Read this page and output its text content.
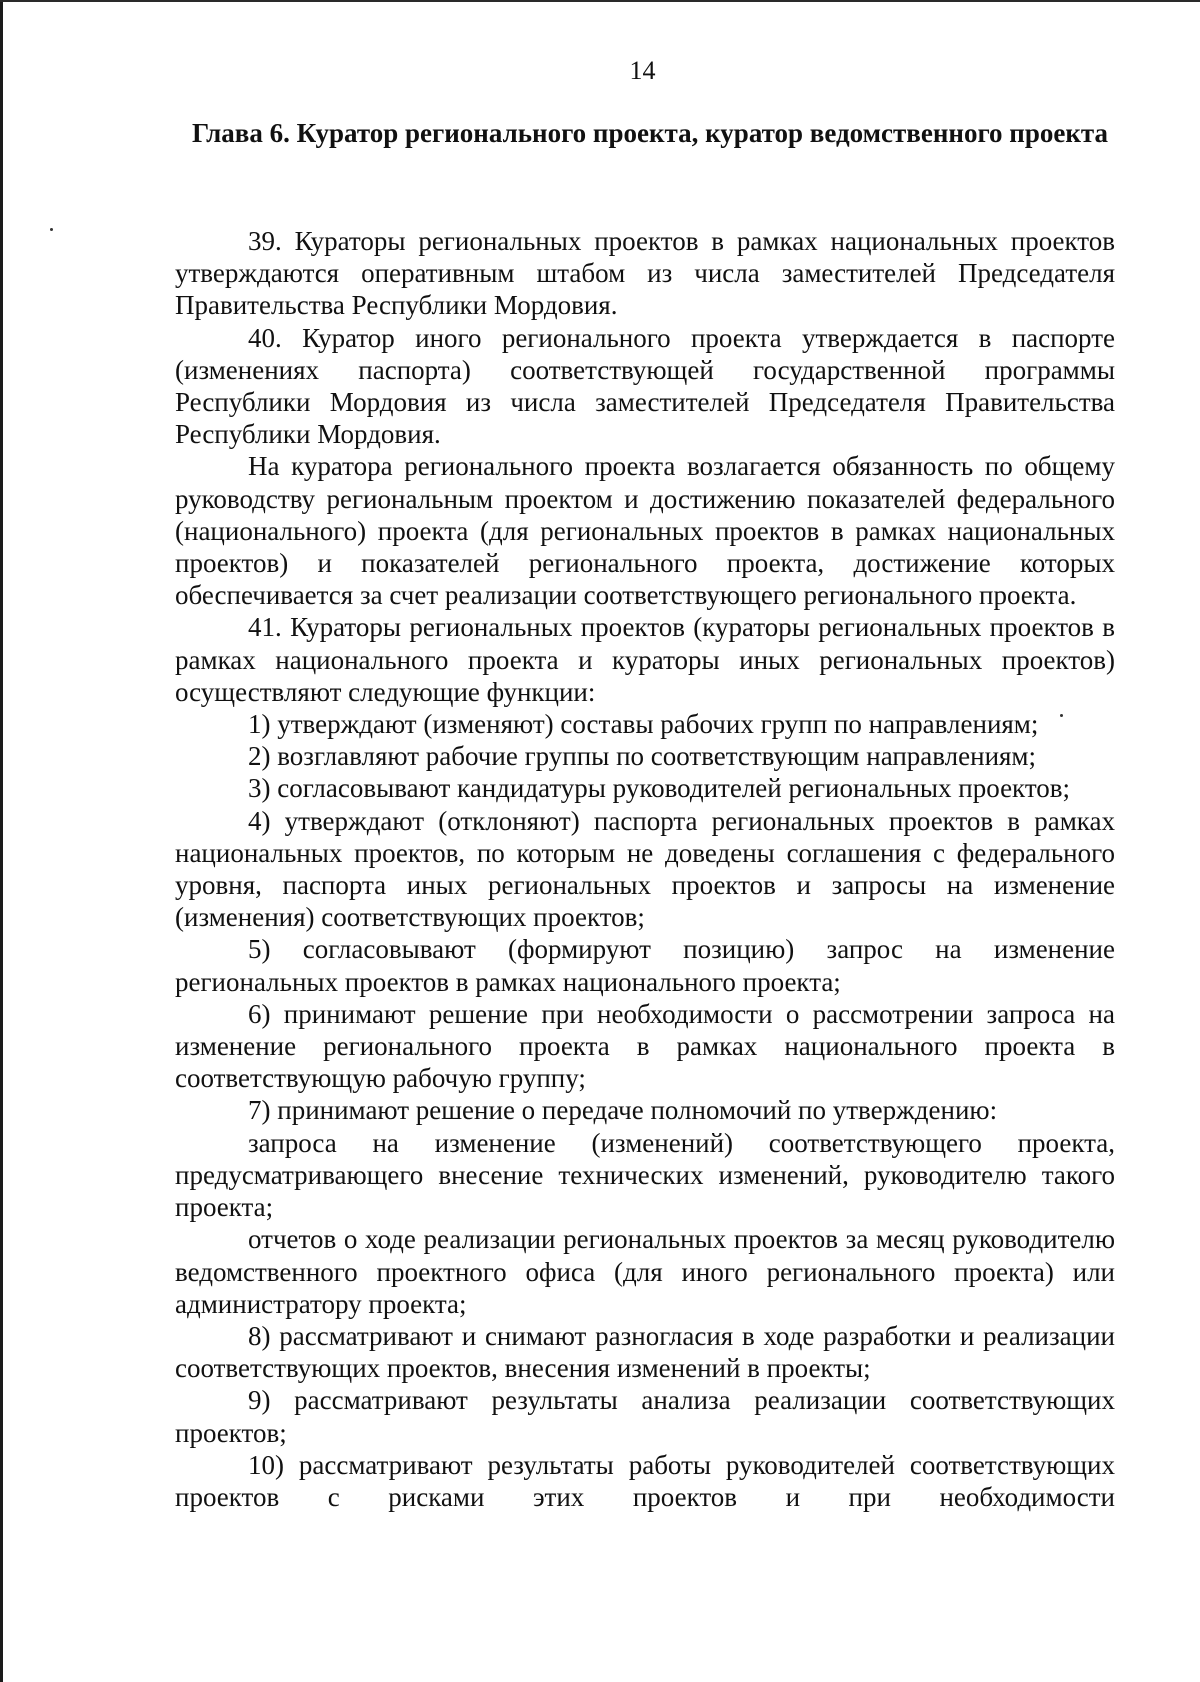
14
Глава 6. Куратор регионального проекта, куратор ведомственного проекта

39. Кураторы региональных проектов в рамках национальных проектов утверждаются оперативным штабом из числа заместителей Председателя Правительства Республики Мордовия.

40. Куратор иного регионального проекта утверждается в паспорте (изменениях паспорта) соответствующей государственной программы Республики Мордовия из числа заместителей Председателя Правительства Республики Мордовия.

На куратора регионального проекта возлагается обязанность по общему руководству региональным проектом и достижению показателей федерального (национального) проекта (для региональных проектов в рамках национальных проектов) и показателей регионального проекта, достижение которых обеспечивается за счет реализации соответствующего регионального проекта.

41. Кураторы региональных проектов (кураторы региональных проектов в рамках национального проекта и кураторы иных региональных проектов) осуществляют следующие функции:

1) утверждают (изменяют) составы рабочих групп по направлениям;

2) возглавляют рабочие группы по соответствующим направлениям;

3) согласовывают кандидатуры руководителей региональных проектов;

4) утверждают (отклоняют) паспорта региональных проектов в рамках национальных проектов, по которым не доведены соглашения с федерального уровня, паспорта иных региональных проектов и запросы на изменение (изменения) соответствующих проектов;

5) согласовывают (формируют позицию) запрос на изменение региональных проектов в рамках национального проекта;

6) принимают решение при необходимости о рассмотрении запроса на изменение регионального проекта в рамках национального проекта в соответствующую рабочую группу;

7) принимают решение о передаче полномочий по утверждению:

запроса на изменение (изменений) соответствующего проекта, предусматривающего внесение технических изменений, руководителю такого проекта;

отчетов о ходе реализации региональных проектов за месяц руководителю ведомственного проектного офиса (для иного регионального проекта) или администратору проекта;

8) рассматривают и снимают разногласия в ходе разработки и реализации соответствующих проектов, внесения изменений в проекты;

9) рассматривают результаты анализа реализации соответствующих проектов;

10) рассматривают результаты работы руководителей соответствующих проектов с рисками этих проектов и при необходимости
